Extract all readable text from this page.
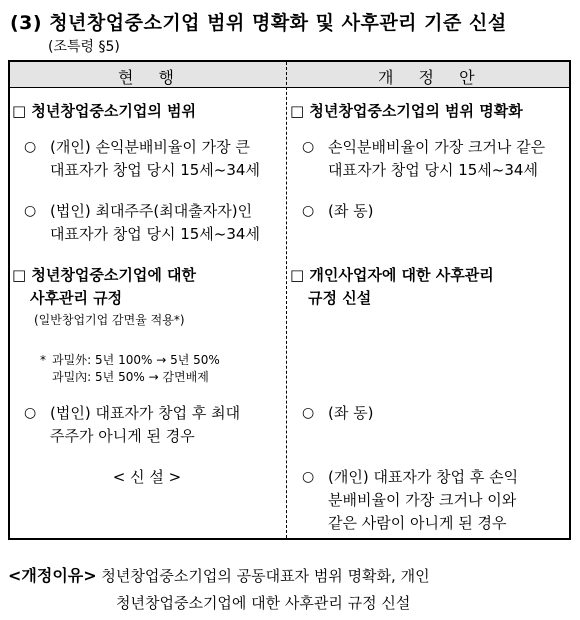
(3) 청년창업중소기업 범위 명확화 및 사후관리 기준 신설
(조특령 §5)
현 행	개 정 안
□ 청년창업중소기업의 범위
○ (개인) 손익분배비율이 가장 큰
대표자가 창업 당시 15세~34세
○ (법인) 최대주주(최대출자자)인
대표자가 창업 당시 15세~34세
□ 청년창업중소기업에 대한
사후관리 규정
(일반창업기업 감면율 적용*)
* 과밀外: 5년 100% → 5년 50%
과밀內: 5년 50% → 감면배제
○ (법인) 대표자가 창업 후 최대
주주가 아니게 된 경우
< 신 설 >
□ 청년창업중소기업의 범위 명확화
○ 손익분배비율이 가장 크거나 같은
대표자가 창업 당시 15세~34세
○ (좌 동)
□ 개인사업자에 대한 사후관리
규정 신설
○ (좌 동)
○ (개인) 대표자가 창업 후 손익
분배비율이 가장 크거나 이와
같은 사람이 아니게 된 경우
<개정이유> 청년창업중소기업의 공동대표자 범위 명확화, 개인
청년창업중소기업에 대한 사후관리 규정 신설
